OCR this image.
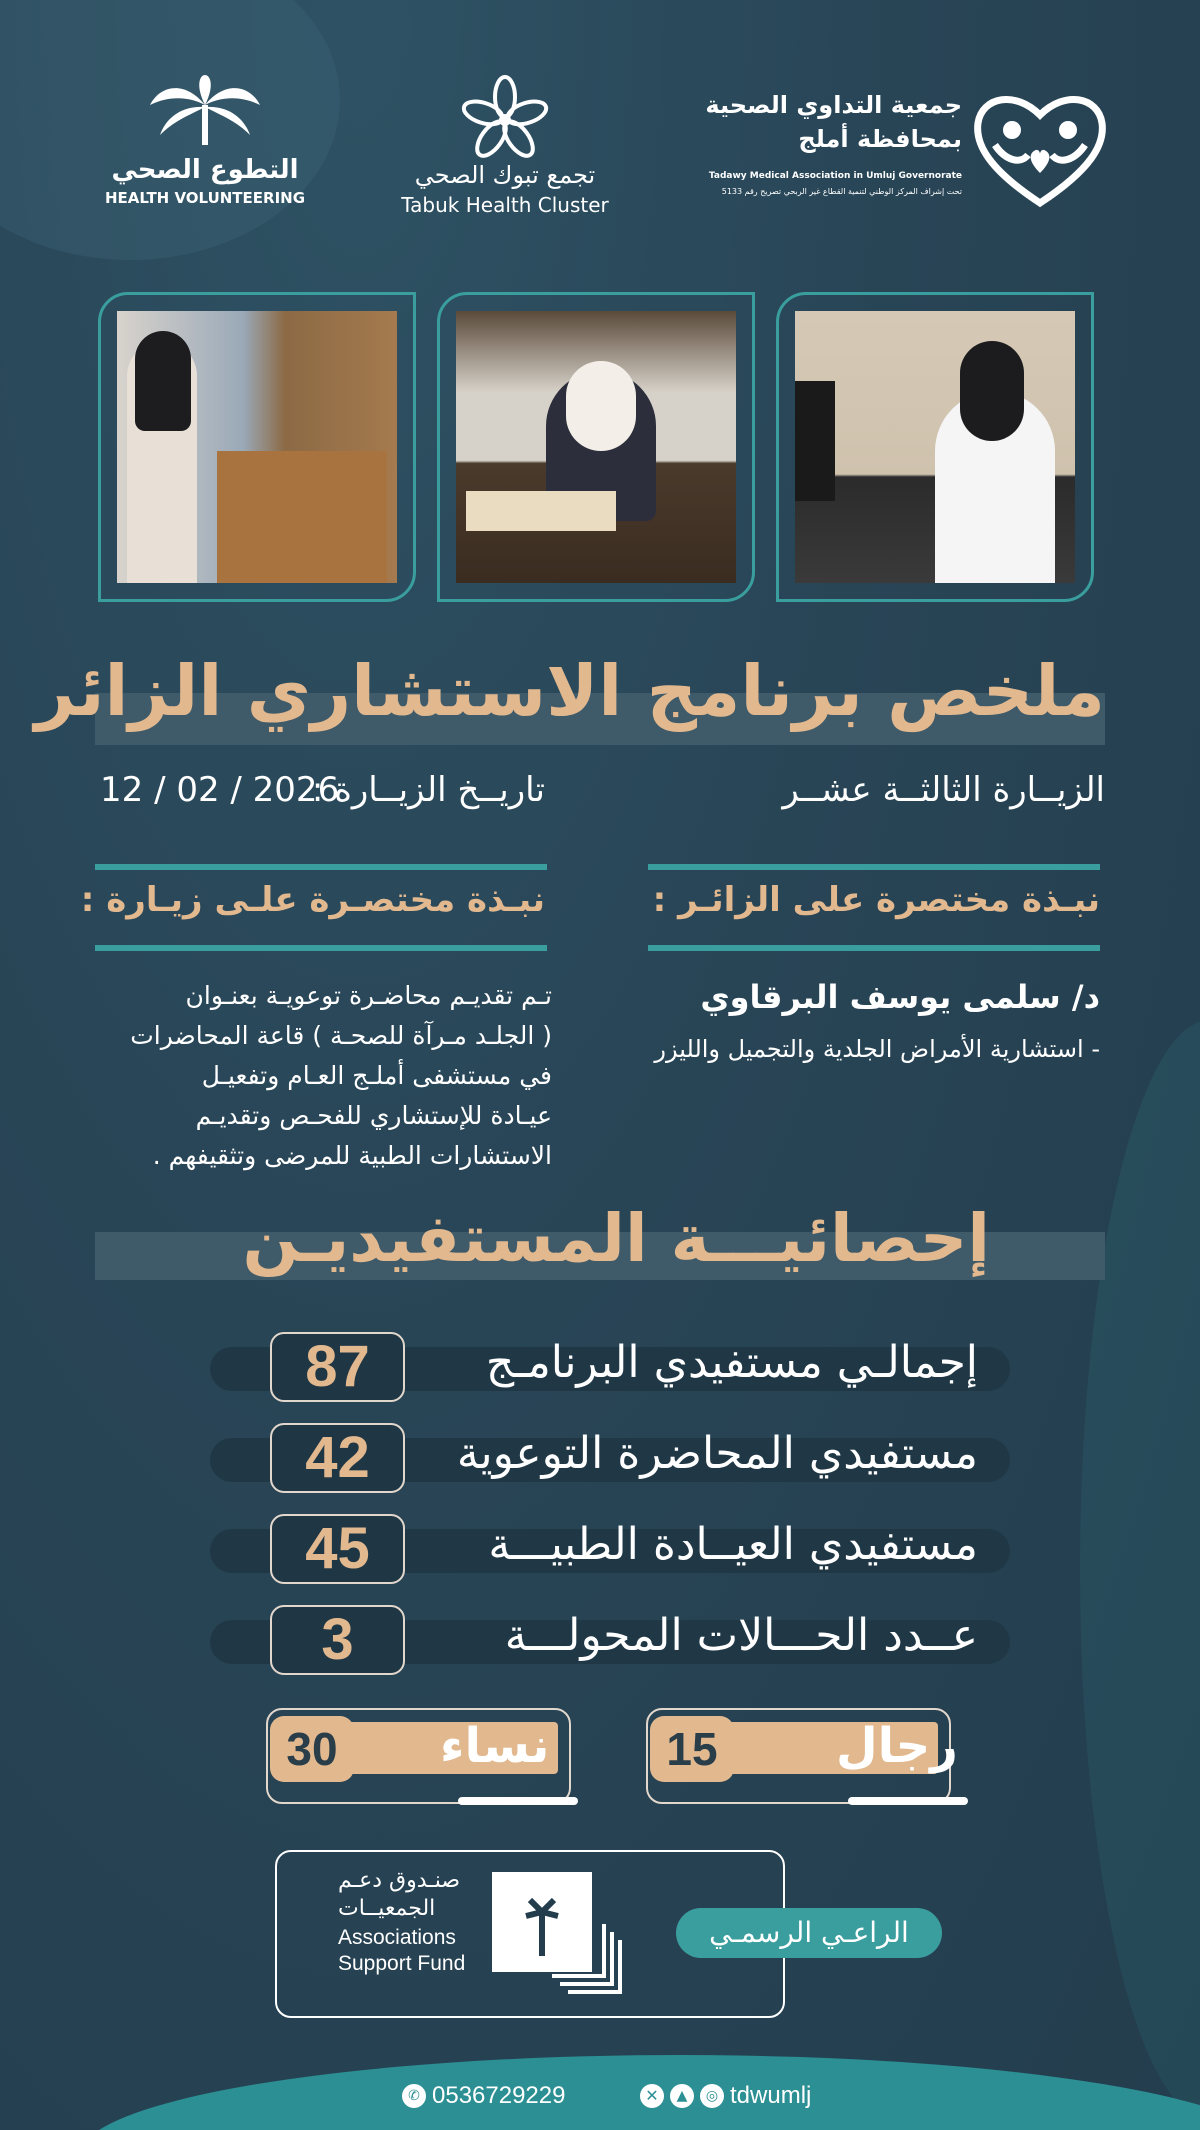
التطوع الصحي
HEALTH VOLUNTEERING
تجمع تبوك الصحي
Tabuk Health Cluster
جمعية التداوي الصحية
بمحافظة أملج
Tadawy Medical Association in Umluj Governorate
تحت إشراف المركز الوطني لتنمية القطاع غير الربحي تصريح رقم 5133
ملخص برنامج الاستشاري الزائر
الزيــارة الثالثــة عشــر
تاريــخ الزيــارة :
12 / 02 / 2026
نبـذة مختصرة على الزائـر :
د/ سلمى يوسف البرقاوي
- استشارية الأمراض الجلدية والتجميل والليزر
نبـذة مختصـرة علـى زيـارة :
تـم تقديـم محاضـرة توعويـة بعنـوان
( الجلـد مـرآة للصحـة ) قاعة المحاضرات
في مستشفى أملـج العـام وتفعيـل
عيـادة للإستشاري للفحـص وتقديـم
الاستشارات الطبية للمرضى وتثقيفهم .
إحصائيـــة المستفيديـن
87	إجمالـي مستفيدي البرنامـج
42	مستفيدي المحاضرة التوعوية
45	مستفيدي العيــادة الطبيـــة
3	عــدد الحـــالات المحولـــة
30	نساء	15	رجال
صنـدوق دعـم
الجمعيــات
Associations
Support Fund
الراعـي الرسمـي
✕	▲	◎ tdwumlj
✆ 0536729229
